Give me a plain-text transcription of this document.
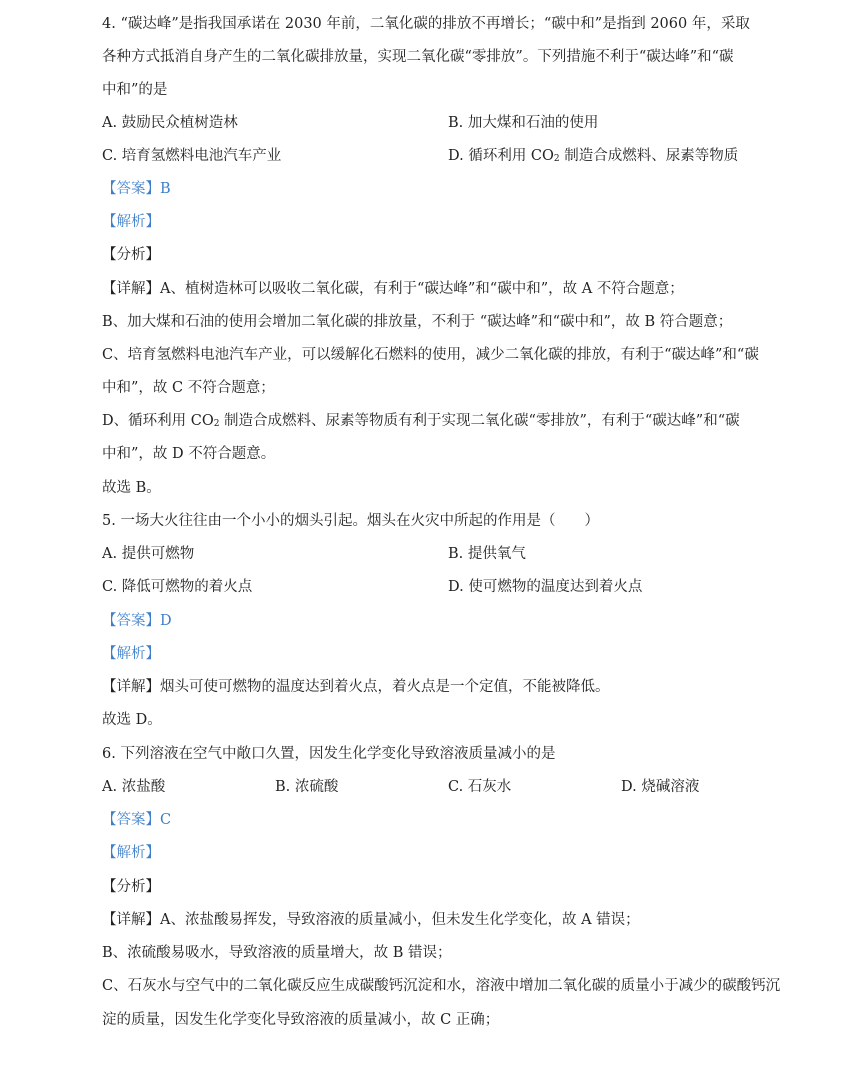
4. “碳达峰”是指我国承诺在 2030 年前，二氧化碳的排放不再增长；“碳中和”是指到 2060 年，采取
各种方式抵消自身产生的二氧化碳排放量，实现二氧化碳“零排放”。下列措施不利于“碳达峰”和“碳
中和”的是
A. 鼓励民众植树造林	B. 加大煤和石油的使用
C. 培育氢燃料电池汽车产业	D. 循环利用 $CO_2$ 制造合成燃料、尿素等物质
【答案】B
【解析】
【分析】
【详解】A、植树造林可以吸收二氧化碳，有利于“碳达峰”和“碳中和”，故 A 不符合题意；
B、加大煤和石油的使用会增加二氧化碳的排放量，不利于 “碳达峰”和“碳中和”，故 B 符合题意；
C、培育氢燃料电池汽车产业，可以缓解化石燃料的使用，减少二氧化碳的排放，有利于“碳达峰”和“碳
中和”，故 C 不符合题意；
D、循环利用 $CO_2$ 制造合成燃料、尿素等物质有利于实现二氧化碳“零排放”，有利于“碳达峰”和“碳
中和”，故 D 不符合题意。
故选 B。
5. 一场大火往往由一个小小的烟头引起。烟头在火灾中所起的作用是（　　）
A. 提供可燃物	B. 提供氧气
C. 降低可燃物的着火点	D. 使可燃物的温度达到着火点
【答案】D
【解析】
【详解】烟头可使可燃物的温度达到着火点，着火点是一个定值，不能被降低。
故选 D。
6. 下列溶液在空气中敞口久置，因发生化学变化导致溶液质量减小的是
A. 浓盐酸	B. 浓硫酸	C. 石灰水	D. 烧碱溶液
【答案】C
【解析】
【分析】
【详解】A、浓盐酸易挥发，导致溶液的质量减小，但未发生化学变化，故 A 错误；
B、浓硫酸易吸水，导致溶液的质量增大，故 B 错误；
C、石灰水与空气中的二氧化碳反应生成碳酸钙沉淀和水，溶液中增加二氧化碳的质量小于减少的碳酸钙沉
淀的质量，因发生化学变化导致溶液的质量减小，故 C 正确；
